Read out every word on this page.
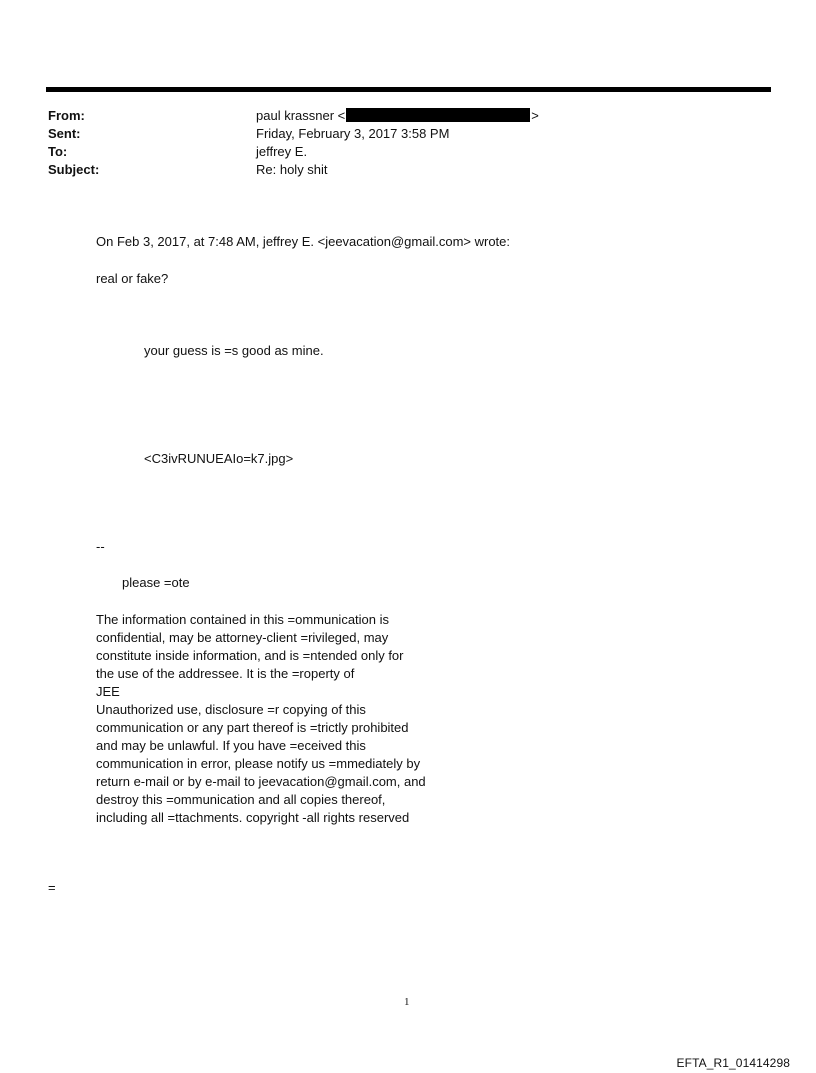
From:	paul krassner <	>
Sent:	Friday, February 3, 2017 3:58 PM
To:	jeffrey E.
Subject:	Re: holy shit
On Feb 3, 2017, at 7:48 AM, jeffrey E. <jeevacation@gmail.com> wrote:
real or fake?
your guess is =s good as mine.
<C3ivRUNUEAIo=k7.jpg>
--
please =ote
The information contained in this =ommunication is
confidential, may be attorney-client =rivileged, may
constitute inside information, and is =ntended only for
the use of the addressee. It is the =roperty of
JEE
Unauthorized use, disclosure =r copying of this
communication or any part thereof is =trictly prohibited
and may be unlawful. If you have =eceived this
communication in error, please notify us =mmediately by
return e-mail or by e-mail to jeevacation@gmail.com, and
destroy this =ommunication and all copies thereof,
including all =ttachments. copyright -all rights reserved
=
1
EFTA_R1_01414298
